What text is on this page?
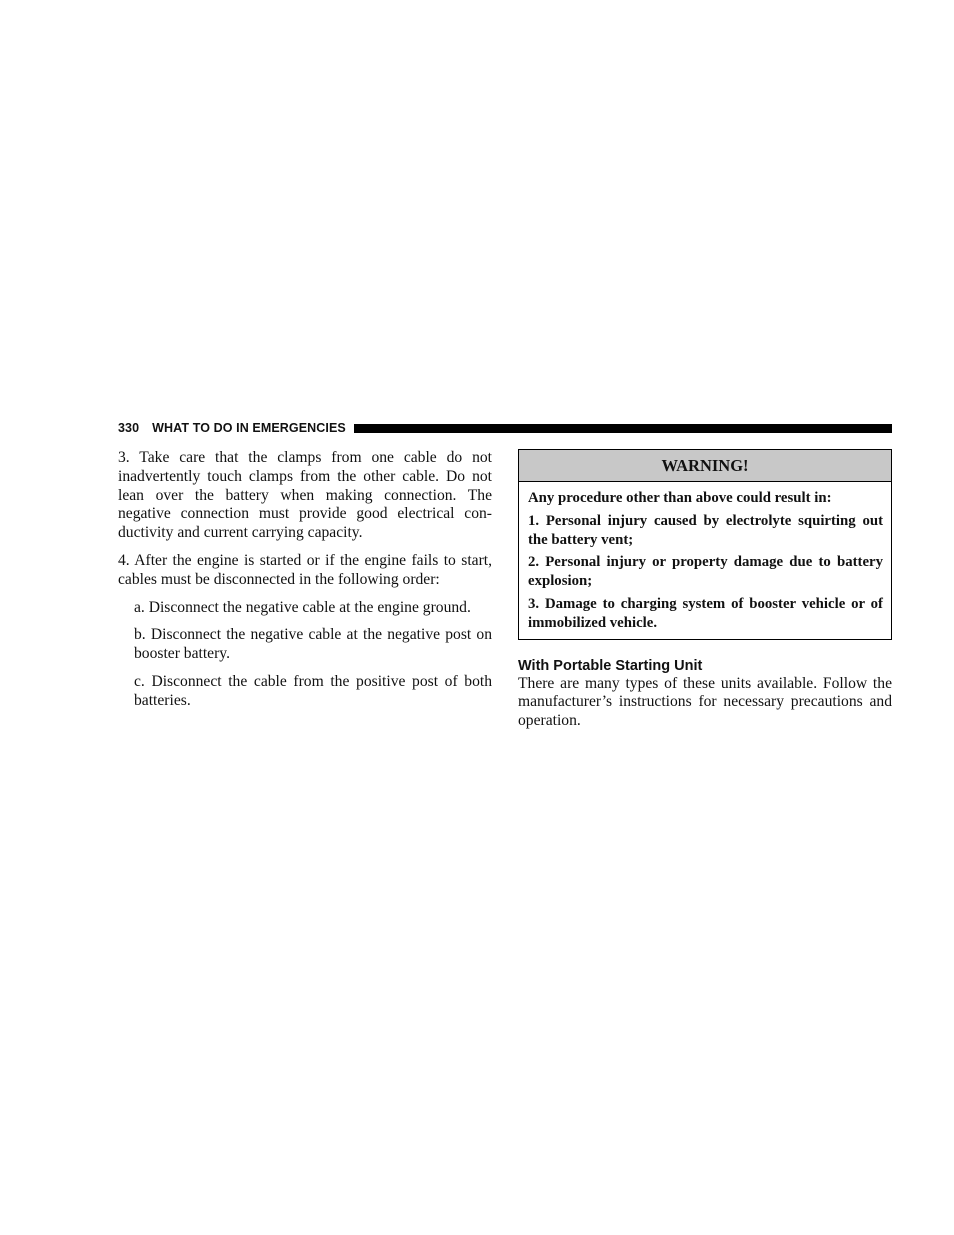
330 WHAT TO DO IN EMERGENCIES

3. Take care that the clamps from one cable do not inadvertently touch clamps from the other cable. Do not lean over the battery when making connection. The negative connection must provide good electrical con-ductivity and current carrying capacity.

4. After the engine is started or if the engine fails to start, cables must be disconnected in the following order:

a. Disconnect the negative cable at the engine ground.

b. Disconnect the negative cable at the negative post on booster battery.

c. Disconnect the cable from the positive post of both batteries.

WARNING!

Any procedure other than above could result in:

1. Personal injury caused by electrolyte squirting out the battery vent;

2. Personal injury or property damage due to battery explosion;

3. Damage to charging system of booster vehicle or of immobilized vehicle.

With Portable Starting Unit

There are many types of these units available. Follow the manufacturer’s instructions for necessary precautions and operation.
